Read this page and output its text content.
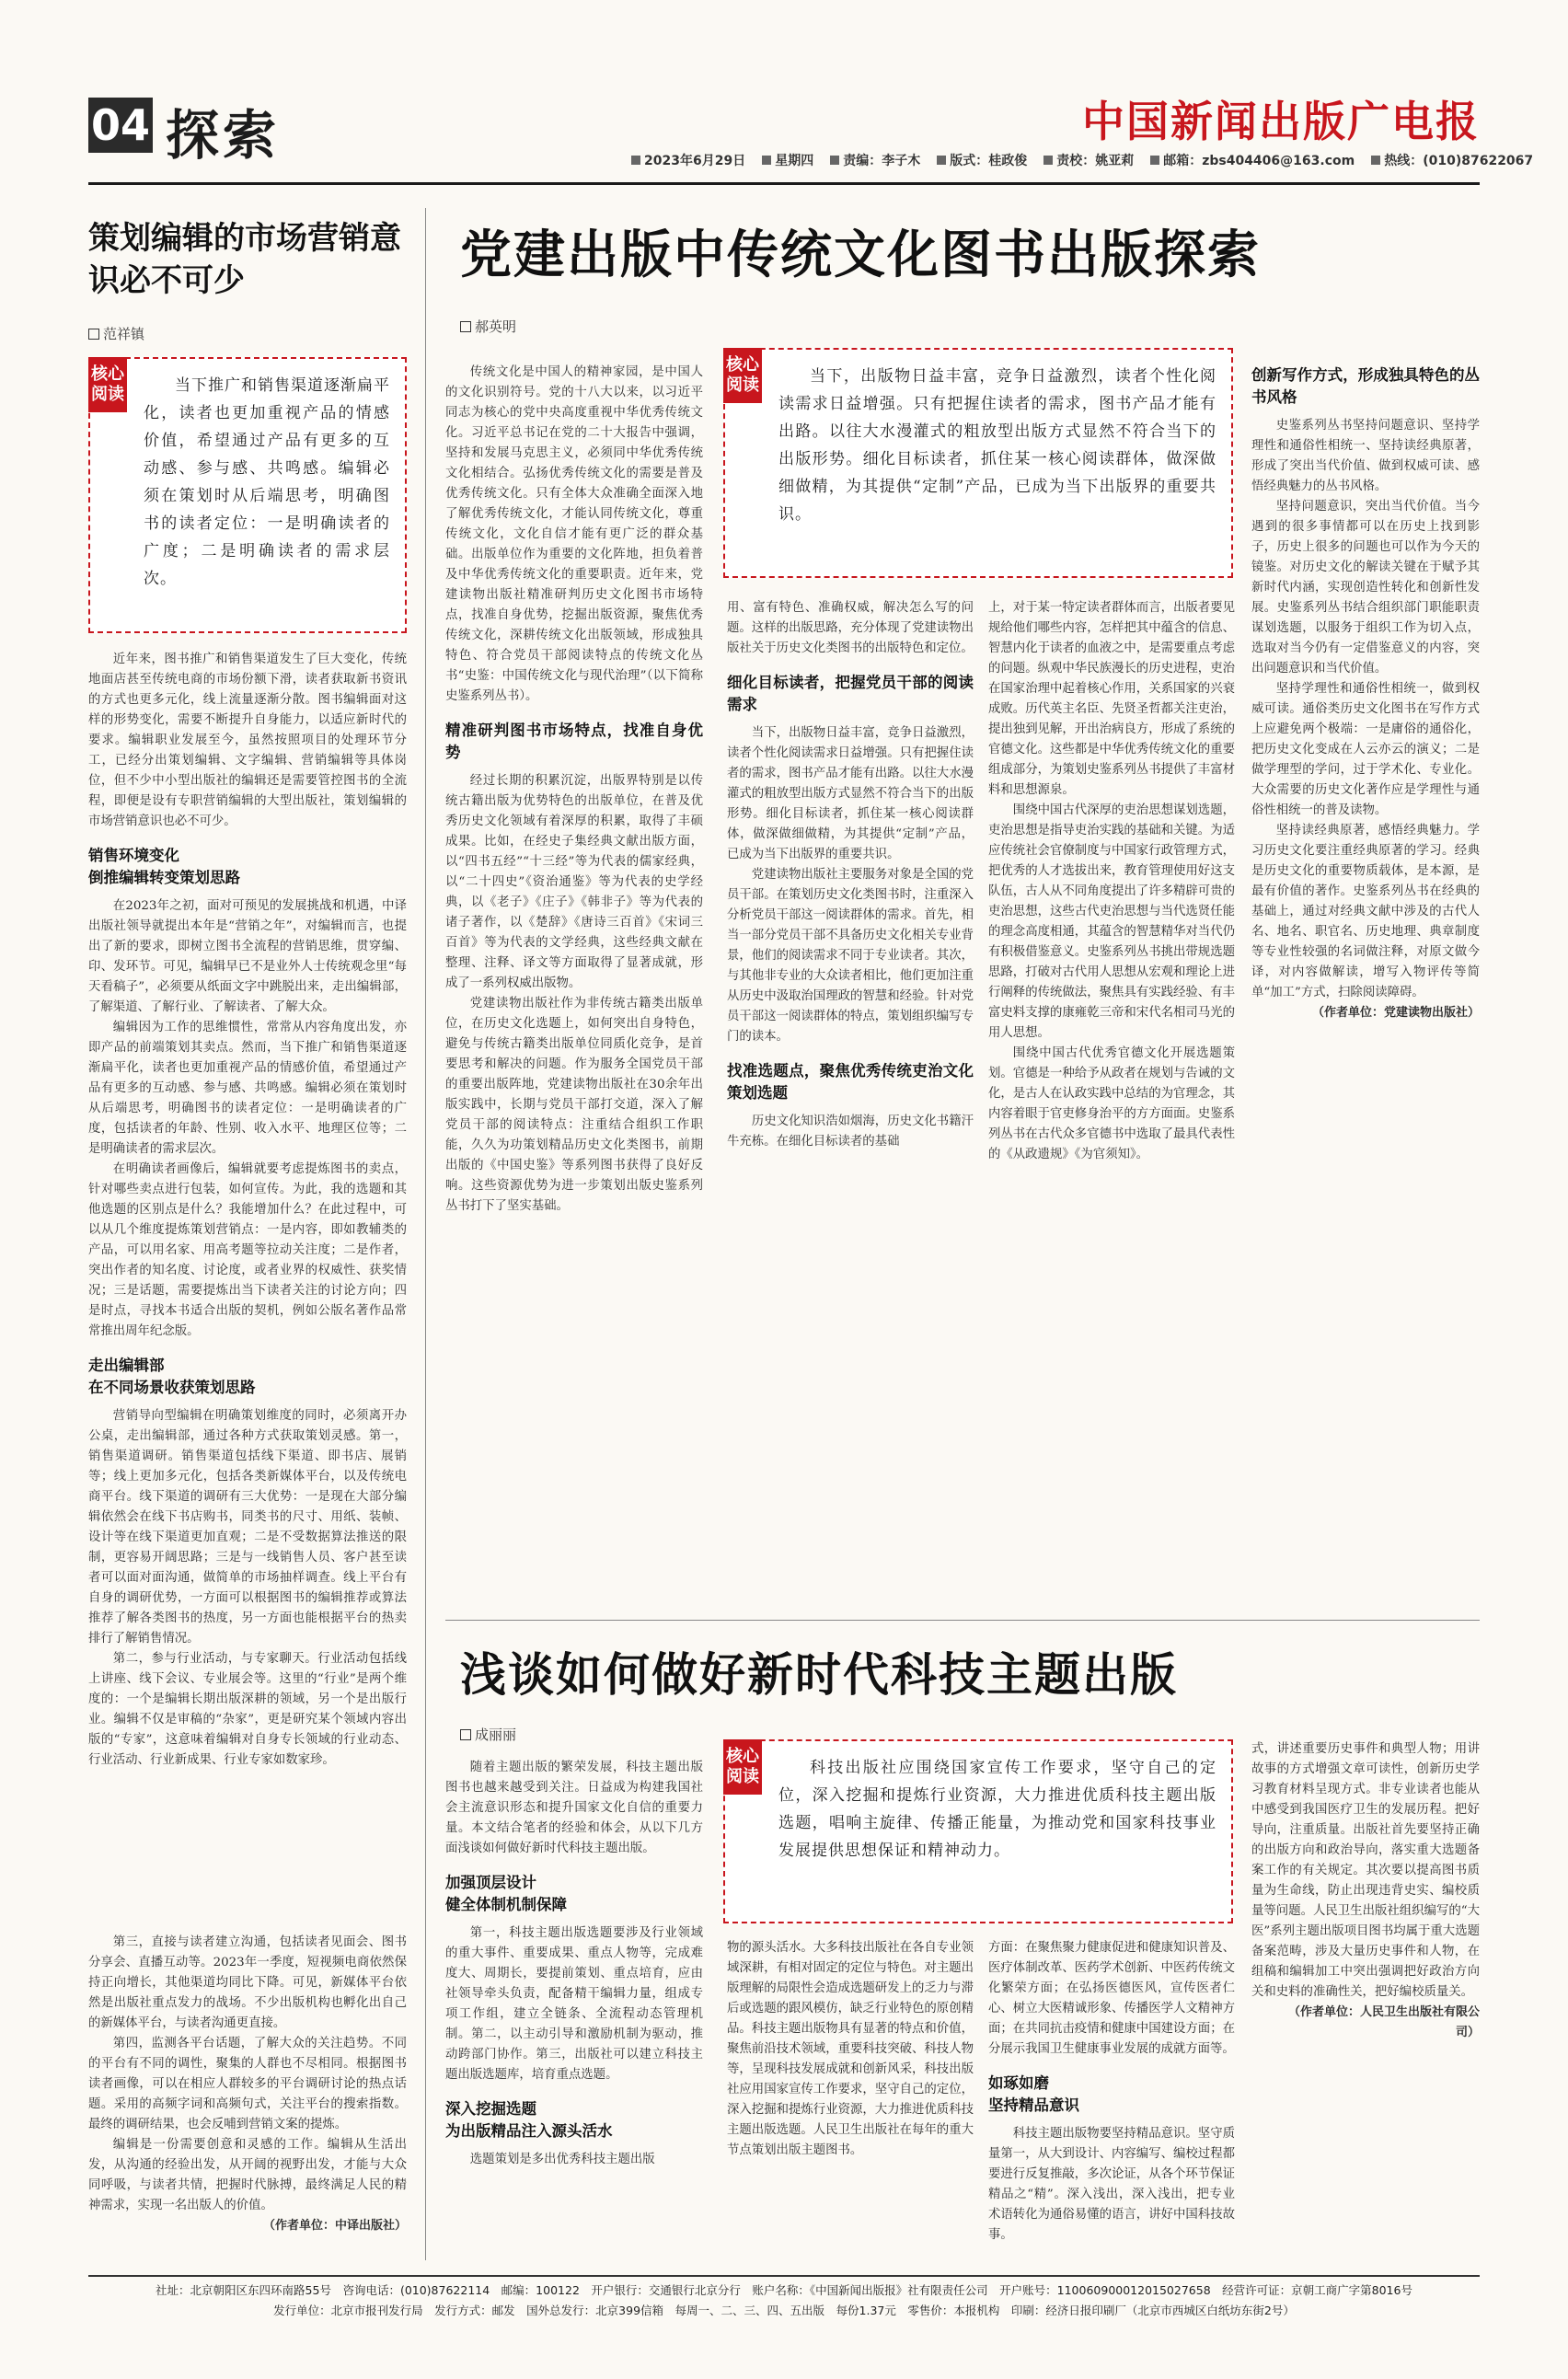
04 探索	中国新闻出版广电报
2023年6月29日 星期四 责编：李子木 版式：桂政俊 责校：姚亚莉 邮箱：zbs404406@163.com 热线：(010)87622067
策划编辑的市场营销意识必不可少
范祥镇
核心阅读	当下推广和销售渠道逐渐扁平化，读者也更加重视产品的情感价值，希望通过产品有更多的互动感、参与感、共鸣感。编辑必须在策划时从后端思考，明确图书的读者定位：一是明确读者的广度；二是明确读者的需求层次。

近年来，图书推广和销售渠道发生了巨大变化，传统地面店甚至传统电商的市场份额下滑，读者获取新书资讯的方式也更多元化，线上流量逐渐分散。图书编辑面对这样的形势变化，需要不断提升自身能力，以适应新时代的要求。编辑职业发展至今，虽然按照项目的处理环节分工，已经分出策划编辑、文字编辑、营销编辑等具体岗位，但不少中小型出版社的编辑还是需要管控图书的全流程，即便是设有专职营销编辑的大型出版社，策划编辑的市场营销意识也必不可少。

销售环境变化
倒推编辑转变策划思路

在2023年之初，面对可预见的发展挑战和机遇，中译出版社领导就提出本年是“营销之年”，对编辑而言，也提出了新的要求，即树立图书全流程的营销思维，贯穿编、印、发环节。可见，编辑早已不是业外人士传统观念里“每天看稿子”，必须要从纸面文字中跳脱出来，走出编辑部，了解渠道、了解行业、了解读者、了解大众。

编辑因为工作的思维惯性，常常从内容角度出发，亦即产品的前端策划其卖点。然而，当下推广和销售渠道逐渐扁平化，读者也更加重视产品的情感价值，希望通过产品有更多的互动感、参与感、共鸣感。编辑必须在策划时从后端思考，明确图书的读者定位：一是明确读者的广度，包括读者的年龄、性别、收入水平、地理区位等；二是明确读者的需求层次。

在明确读者画像后，编辑就要考虑提炼图书的卖点，针对哪些卖点进行包装，如何宣传。为此，我的选题和其他选题的区别点是什么？我能增加什么？在此过程中，可以从几个维度提炼策划营销点：一是内容，即如教辅类的产品，可以用名家、用高考题等拉动关注度；二是作者，突出作者的知名度、讨论度，或者业界的权威性、获奖情况；三是话题，需要提炼出当下读者关注的讨论方向；四是时点，寻找本书适合出版的契机，例如公版名著作品常常推出周年纪念版。

走出编辑部
在不同场景收获策划思路

营销导向型编辑在明确策划维度的同时，必须离开办公桌，走出编辑部，通过各种方式获取策划灵感。第一，销售渠道调研。销售渠道包括线下渠道、即书店、展销等；线上更加多元化，包括各类新媒体平台，以及传统电商平台。线下渠道的调研有三大优势：一是现在大部分编辑依然会在线下书店购书，同类书的尺寸、用纸、装帧、设计等在线下渠道更加直观；二是不受数据算法推送的限制，更容易开阔思路；三是与一线销售人员、客户甚至读者可以面对面沟通，做简单的市场抽样调查。线上平台有自身的调研优势，一方面可以根据图书的编辑推荐或算法推荐了解各类图书的热度，另一方面也能根据平台的热卖排行了解销售情况。

第二，参与行业活动，与专家聊天。行业活动包括线上讲座、线下会议、专业展会等。这里的“行业”是两个维度的：一个是编辑长期出版深耕的领域，另一个是出版行业。编辑不仅是审稿的“杂家”，更是研究某个领域内容出版的“专家”，这意味着编辑对自身专长领域的行业动态、行业活动、行业新成果、行业专家如数家珍。

第三，直接与读者建立沟通，包括读者见面会、图书分享会、直播互动等。2023年一季度，短视频电商依然保持正向增长，其他渠道均同比下降。可见，新媒体平台依然是出版社重点发力的战场。不少出版机构也孵化出自己的新媒体平台，与读者沟通更直接。

第四，监测各平台话题，了解大众的关注趋势。不同的平台有不同的调性，聚集的人群也不尽相同。根据图书读者画像，可以在相应人群较多的平台调研讨论的热点话题。采用的高频字词和高频句式，关注平台的搜索指数。最终的调研结果，也会反哺到营销文案的提炼。

编辑是一份需要创意和灵感的工作。编辑从生活出发，从沟通的经验出发，从开阔的视野出发，才能与大众同呼吸，与读者共情，把握时代脉搏，最终满足人民的精神需求，实现一名出版人的价值。

（作者单位：中译出版社）

党建出版中传统文化图书出版探索
郝英明

传统文化是中国人的精神家园，是中国人的文化识别符号。党的十八大以来，以习近平同志为核心的党中央高度重视中华优秀传统文化。习近平总书记在党的二十大报告中强调，坚持和发展马克思主义，必须同中华优秀传统文化相结合。弘扬优秀传统文化的需要是普及优秀传统文化。只有全体大众准确全面深入地了解优秀传统文化，才能认同传统文化，尊重传统文化，文化自信才能有更广泛的群众基础。出版单位作为重要的文化阵地，担负着普及中华优秀传统文化的重要职责。近年来，党建读物出版社精准研判历史文化图书市场特点，找准自身优势，挖掘出版资源，聚焦优秀传统文化，深耕传统文化出版领域，形成独具特色、符合党员干部阅读特点的传统文化丛书“史鉴：中国传统文化与现代治理”（以下简称史鉴系列丛书）。

精准研判图书市场特点，找准自身优势

经过长期的积累沉淀，出版界特别是以传统古籍出版为优势特色的出版单位，在普及优秀历史文化领域有着深厚的积累，取得了丰硕成果。比如，在经史子集经典文献出版方面，以“四书五经”“十三经”等为代表的儒家经典，以“二十四史”《资治通鉴》等为代表的史学经典，以《老子》《庄子》《韩非子》等为代表的诸子著作，以《楚辞》《唐诗三百首》《宋词三百首》等为代表的文学经典，这些经典文献在整理、注释、译文等方面取得了显著成就，形成了一系列权威出版物。

党建读物出版社作为非传统古籍类出版单位，在历史文化选题上，如何突出自身特色，避免与传统古籍类出版单位同质化竞争，是首要思考和解决的问题。作为服务全国党员干部的重要出版阵地，党建读物出版社在30余年出版实践中，长期与党员干部打交道，深入了解党员干部的阅读特点：注重结合组织工作职能，久久为功策划精品历史文化类图书，前期出版的《中国史鉴》等系列图书获得了良好反响。这些资源优势为进一步策划出版史鉴系列丛书打下了坚实基础。

核心阅读	当下，出版物日益丰富，竞争日益激烈，读者个性化阅读需求日益增强。只有把握住读者的需求，图书产品才能有出路。以往大水漫灌式的粗放型出版方式显然不符合当下的出版形势。细化目标读者，抓住某一核心阅读群体，做深做细做精，为其提供“定制”产品，已成为当下出版界的重要共识。

用、富有特色、准确权威，解决怎么写的问题。这样的出版思路，充分体现了党建读物出版社关于历史文化类图书的出版特色和定位。

细化目标读者，把握党员干部的阅读需求

当下，出版物日益丰富，竞争日益激烈，读者个性化阅读需求日益增强。只有把握住读者的需求，图书产品才能有出路。以往大水漫灌式的粗放型出版方式显然不符合当下的出版形势。细化目标读者，抓住某一核心阅读群体，做深做细做精，为其提供“定制”产品，已成为当下出版界的重要共识。

党建读物出版社主要服务对象是全国的党员干部。在策划历史文化类图书时，注重深入分析党员干部这一阅读群体的需求。首先，相当一部分党员干部不具备历史文化相关专业背景，他们的阅读需求不同于专业读者。其次，与其他非专业的大众读者相比，他们更加注重从历史中汲取治国理政的智慧和经验。针对党员干部这一阅读群体的特点，策划组织编写专门的读本。

找准选题点，聚焦优秀传统吏治文化策划选题

历史文化知识浩如烟海，历史文化书籍汗牛充栋。在细化目标读者的基础

上，对于某一特定读者群体而言，出版者要见规给他们哪些内容，怎样把其中蕴含的信息、智慧内化于读者的血液之中，是需要重点考虑的问题。纵观中华民族漫长的历史进程，吏治在国家治理中起着核心作用，关系国家的兴衰成败。历代英主名臣、先贤圣哲都关注吏治，提出独到见解，开出治病良方，形成了系统的官德文化。这些都是中华优秀传统文化的重要组成部分，为策划史鉴系列丛书提供了丰富材料和思想源泉。

围绕中国古代深厚的吏治思想谋划选题，吏治思想是指导吏治实践的基础和关键。为适应传统社会官僚制度与中国家行政管理方式，把优秀的人才选拔出来，教育管理使用好这支队伍，古人从不同角度提出了许多精辟可贵的吏治思想，这些古代吏治思想与当代选贤任能的理念高度相通，其蕴含的智慧精华对当代仍有积极借鉴意义。史鉴系列丛书挑出带规选题思路，打破对古代用人思想从宏观和理论上进行阐释的传统做法，聚焦具有实践经验、有丰富史料支撑的康雍乾三帝和宋代名相司马光的用人思想。

围绕中国古代优秀官德文化开展选题策划。官德是一种给予从政者在规划与告诫的文化，是古人在认政实践中总结的为官理念，其内容着眼于官吏修身治平的方方面面。史鉴系列丛书在古代众多官德书中选取了最具代表性的《从政遗规》《为官须知》。

创新写作方式，形成独具特色的丛书风格

史鉴系列丛书坚持问题意识、坚持学理性和通俗性相统一、坚持读经典原著，形成了突出当代价值、做到权威可读、感悟经典魅力的丛书风格。

坚持问题意识，突出当代价值。当今遇到的很多事情都可以在历史上找到影子，历史上很多的问题也可以作为今天的镜鉴。对历史文化的解读关键在于赋予其新时代内涵，实现创造性转化和创新性发展。史鉴系列丛书结合组织部门职能职责谋划选题，以服务于组织工作为切入点，选取对当今仍有一定借鉴意义的内容，突出问题意识和当代价值。

坚持学理性和通俗性相统一，做到权威可读。通俗类历史文化图书在写作方式上应避免两个极端：一是庸俗的通俗化，把历史文化变成在人云亦云的演义；二是做学理型的学问，过于学术化、专业化。大众需要的历史文化著作应是学理性与通俗性相统一的普及读物。

坚持读经典原著，感悟经典魅力。学习历史文化要注重经典原著的学习。经典是历史文化的重要物质载体，是本源，是最有价值的著作。史鉴系列丛书在经典的基础上，通过对经典文献中涉及的古代人名、地名、职官名、历史地理、典章制度等专业性较强的名词做注释，对原文做今译，对内容做解读，增写入物评传等简单“加工”方式，扫除阅读障碍。

（作者单位：党建读物出版社）

浅谈如何做好新时代科技主题出版
成丽丽

随着主题出版的繁荣发展，科技主题出版图书也越来越受到关注。日益成为构建我国社会主流意识形态和提升国家文化自信的重要力量。本文结合笔者的经验和体会，从以下几方面浅谈如何做好新时代科技主题出版。

加强顶层设计
健全体制机制保障

第一，科技主题出版选题要涉及行业领域的重大事件、重要成果、重点人物等，完成难度大、周期长，要提前策划、重点培育，应由社领导牵头负责，配备精干编辑力量，组成专项工作组，建立全链条、全流程动态管理机制。第二，以主动引导和激励机制为驱动，推动跨部门协作。第三，出版社可以建立科技主题出版选题库，培育重点选题。

深入挖掘选题
为出版精品注入源头活水

选题策划是多出优秀科技主题出版

核心阅读	科技出版社应围绕国家宣传工作要求，坚守自己的定位，深入挖掘和提炼行业资源，大力推进优质科技主题出版选题，唱响主旋律、传播正能量，为推动党和国家科技事业发展提供思想保证和精神动力。

物的源头活水。大多科技出版社在各自专业领域深耕，有相对固定的定位与特色。对主题出版理解的局限性会造成选题研发上的乏力与滞后或选题的跟风模仿，缺乏行业特色的原创精品。科技主题出版物具有显著的特点和价值，聚焦前沿技术领域，重要科技突破、科技人物等，呈现科技发展成就和创新风采，科技出版社应用国家宣传工作要求，坚守自己的定位，深入挖掘和提炼行业资源，大力推进优质科技主题出版选题。人民卫生出版社在每年的重大节点策划出版主题图书。

方面：在聚焦聚力健康促进和健康知识普及、医疗体制改革、医药学术创新、中医药传统文化繁荣方面；在弘扬医德医风，宣传医者仁心、树立大医精诚形象、传播医学人文精神方面；在共同抗击疫情和健康中国建设方面；在分展示我国卫生健康事业发展的成就方面等。

如琢如磨
坚持精品意识

科技主题出版物要坚持精品意识。坚守质量第一，从大到设计、内容编写、编校过程都要进行反复推敲，多次论证，从各个环节保证精品之“精”。深入浅出，深入浅出，把专业术语转化为通俗易懂的语言，讲好中国科技故事。

式，讲述重要历史事件和典型人物；用讲故事的方式增强文章可读性，创新历史学习教育材料呈现方式。非专业读者也能从中感受到我国医疗卫生的发展历程。把好导向，注重质量。出版社首先要坚持正确的出版方向和政治导向，落实重大选题备案工作的有关规定。其次要以提高图书质量为生命线，防止出现违背史实、编校质量等问题。人民卫生出版社组织编写的“大医”系列主题出版项目图书均属于重大选题备案范畴，涉及大量历史事件和人物，在组稿和编辑加工中突出强调把好政治方向关和史料的准确性关，把好编校质量关。

（作者单位：人民卫生出版社有限公司）

社址：北京朝阳区东四环南路55号　咨询电话：(010)87622114　邮编：100122　开户银行：交通银行北京分行　账户名称：《中国新闻出版报》社有限责任公司　开户账号：110060900012015027658　经营许可证：京朝工商广字第8016号
发行单位：北京市报刊发行局　发行方式：邮发　国外总发行：北京399信箱　每周一、二、三、四、五出版　每份1.37元　零售价：本报机构　印刷：经济日报印刷厂（北京市西城区白纸坊东街2号）
